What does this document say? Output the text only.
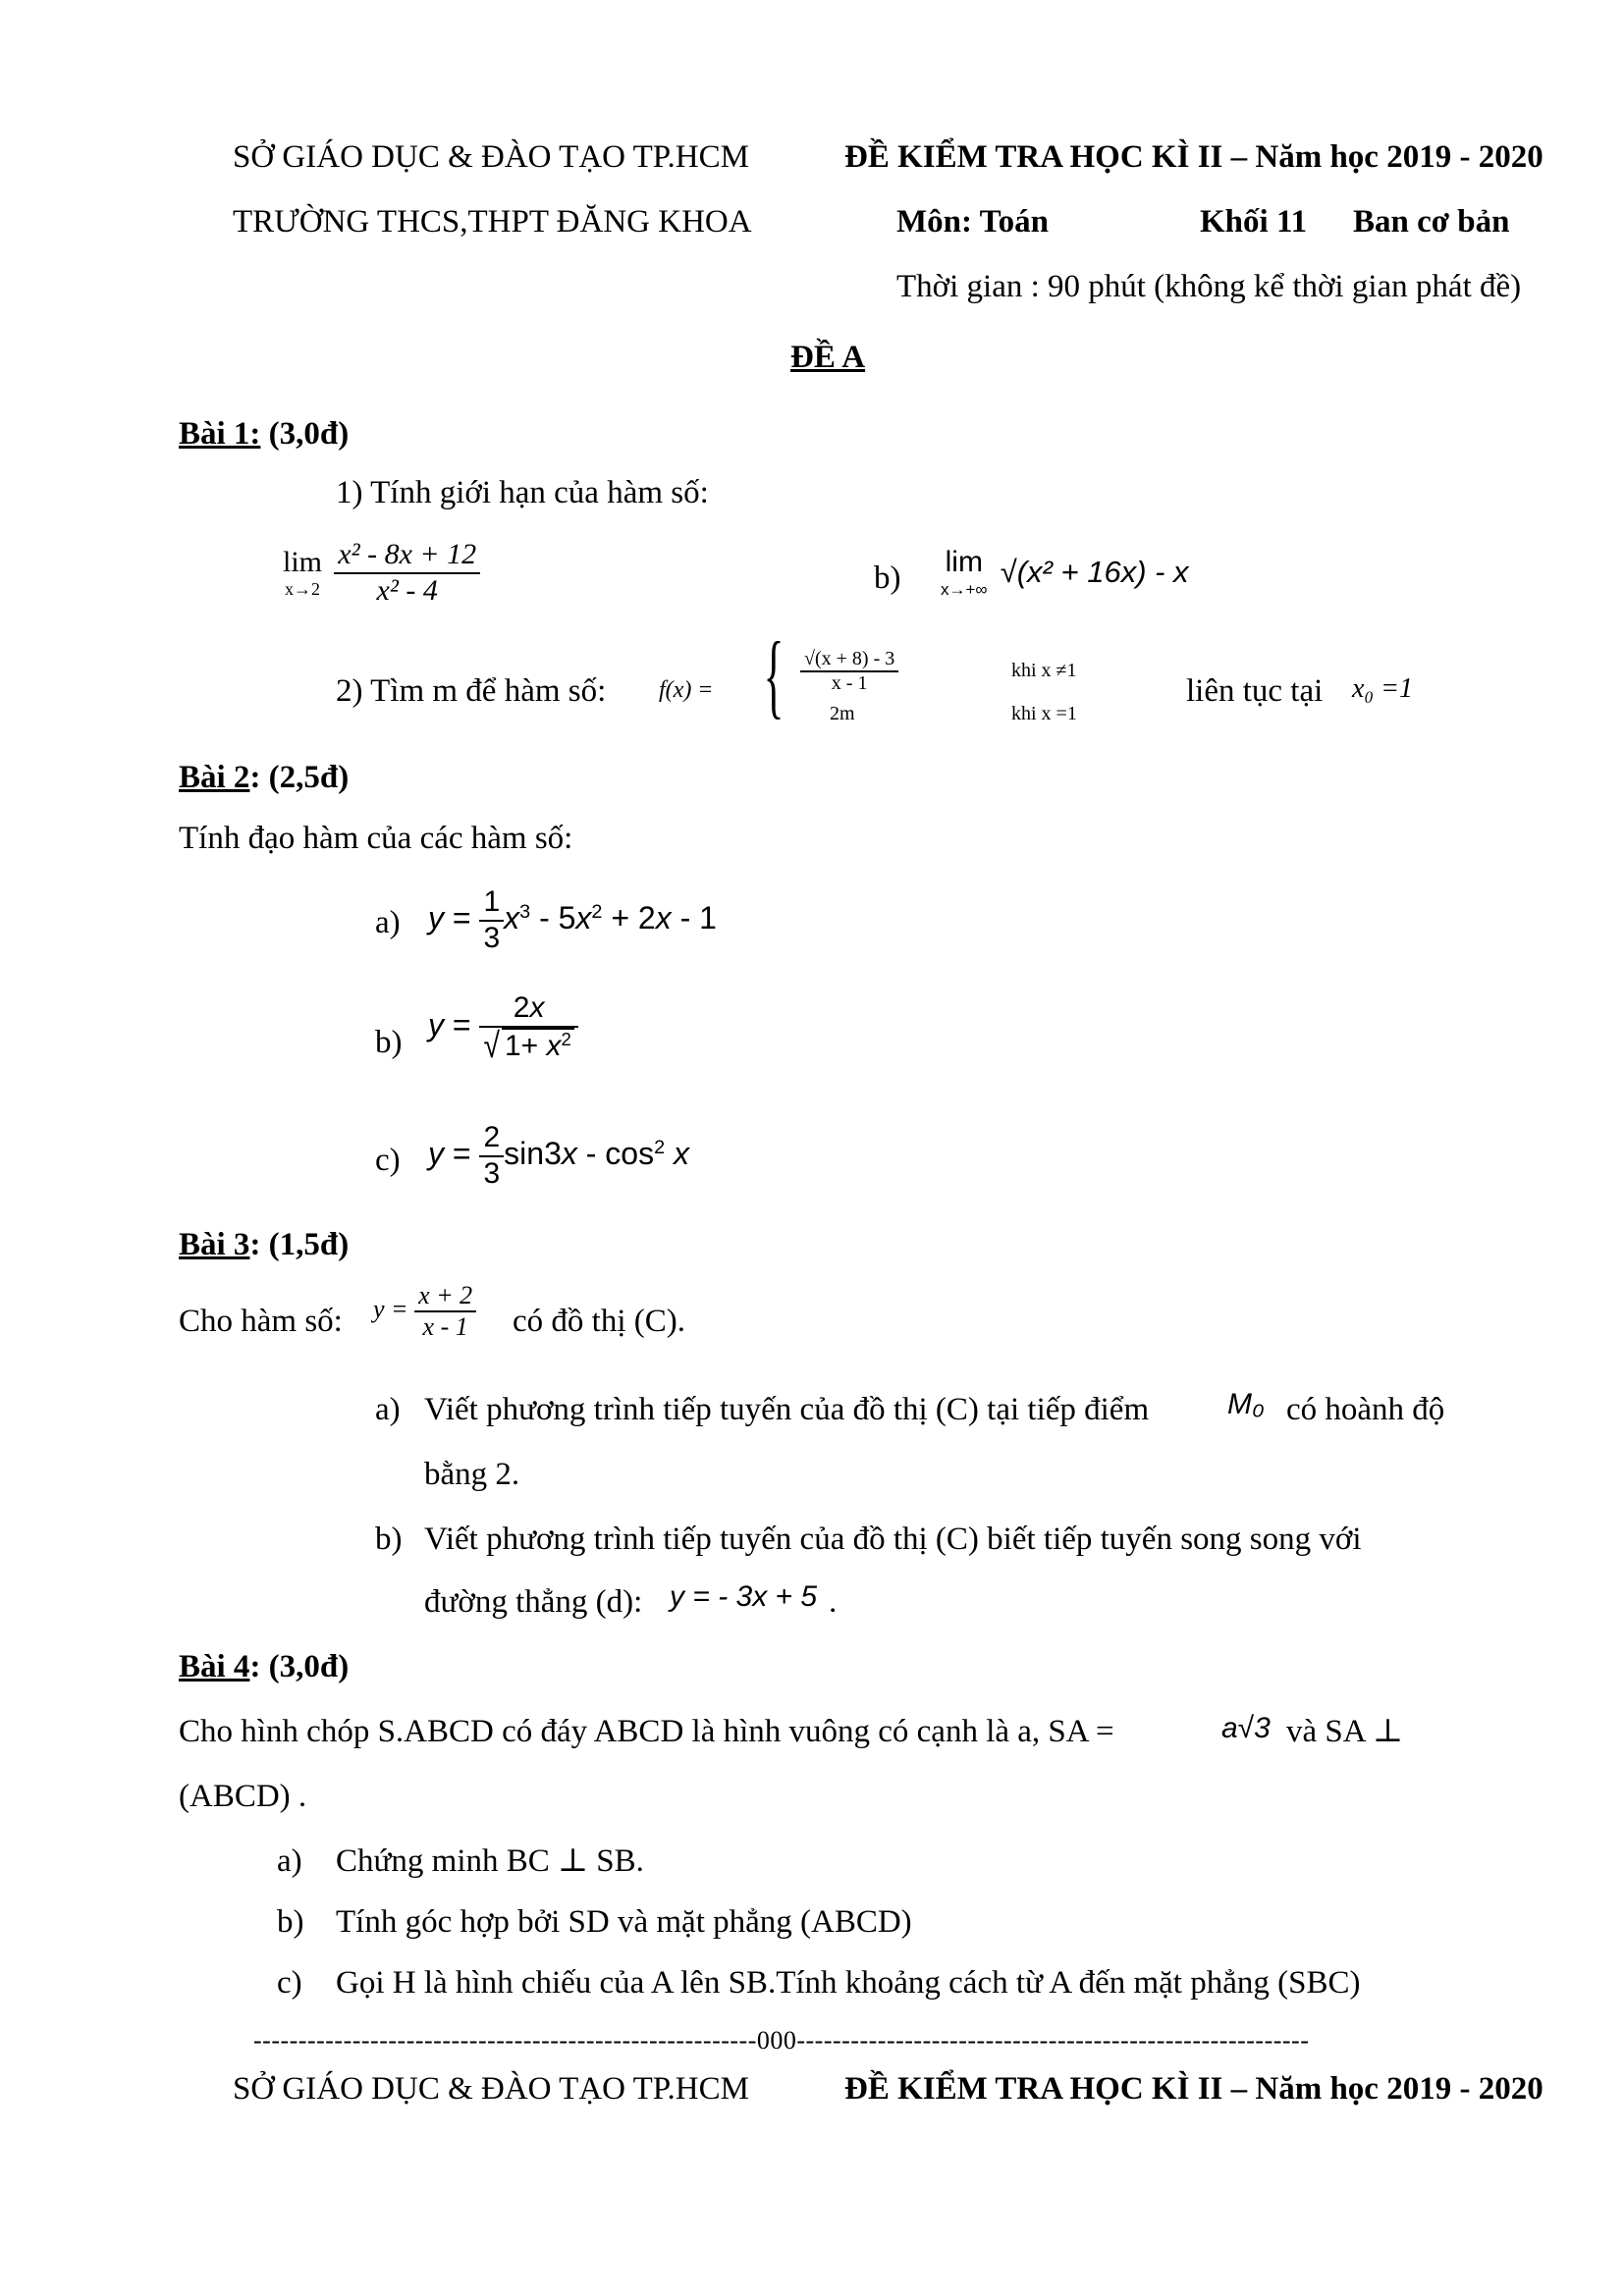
SỞ GIÁO DỤC & ĐÀO TẠO TP.HCM	ĐỀ KIỂM TRA HỌC KÌ II – Năm học 2019 - 2020
TRƯỜNG THCS,THPT ĐĂNG KHOA	Môn: Toán	Khối 11 Ban cơ bản
Thời gian : 90 phút (không kể thời gian phát đề)
ĐỀ A
Bài 1: (3,0đ)
1) Tính giới hạn của hàm số:
lim
x→2
$\frac{\text{x² - 8x + 12}}{\text{x² - 4}}$	b) lim
x→+∞ √(x² + 16x) - x
2) Tìm m để hàm số: f(x) = { $\frac{√(x + 8) - 3}{x - 1}$	khi x ≠1
2m	khi x =1
liên tục tại x₀ =1
Bài 2: (2,5đ)
Tính đạo hàm của các hàm số:
a) $y = \frac{1}{3} x^3 - 5x^2 + 2x - 1$
b)
$y = \frac{2x}{√ 1+ x^2}$
c) $y = \frac{2}{3} \sin 3x - \cos^2 x$
Bài 3: (1,5đ)
Cho hàm số: $y = \frac{x + 2}{x - 1}$ có đồ thị (C).
a) Viết phương trình tiếp tuyến của đồ thị (C) tại tiếp điểm	M₀ có hoành độ
bằng 2.
b) Viết phương trình tiếp tuyến của đồ thị (C) biết tiếp tuyến song song với
đường thẳng (d): y = - 3x + 5 .
Bài 4: (3,0đ)
Cho hình chóp S.ABCD có đáy ABCD là hình vuông có cạnh là a, SA =	a√3 và SA ⊥
(ABCD) .
a) Chứng minh BC ⊥ SB.
b) Tính góc hợp bởi SD và mặt phẳng (ABCD)
c) Gọi H là hình chiếu của A lên SB.Tính khoảng cách từ A đến mặt phẳng (SBC)
--------------------------------------------------------000---------------------------------------------------------
SỞ GIÁO DỤC & ĐÀO TẠO TP.HCM	ĐỀ KIỂM TRA HỌC KÌ II – Năm học 2019 - 2020
